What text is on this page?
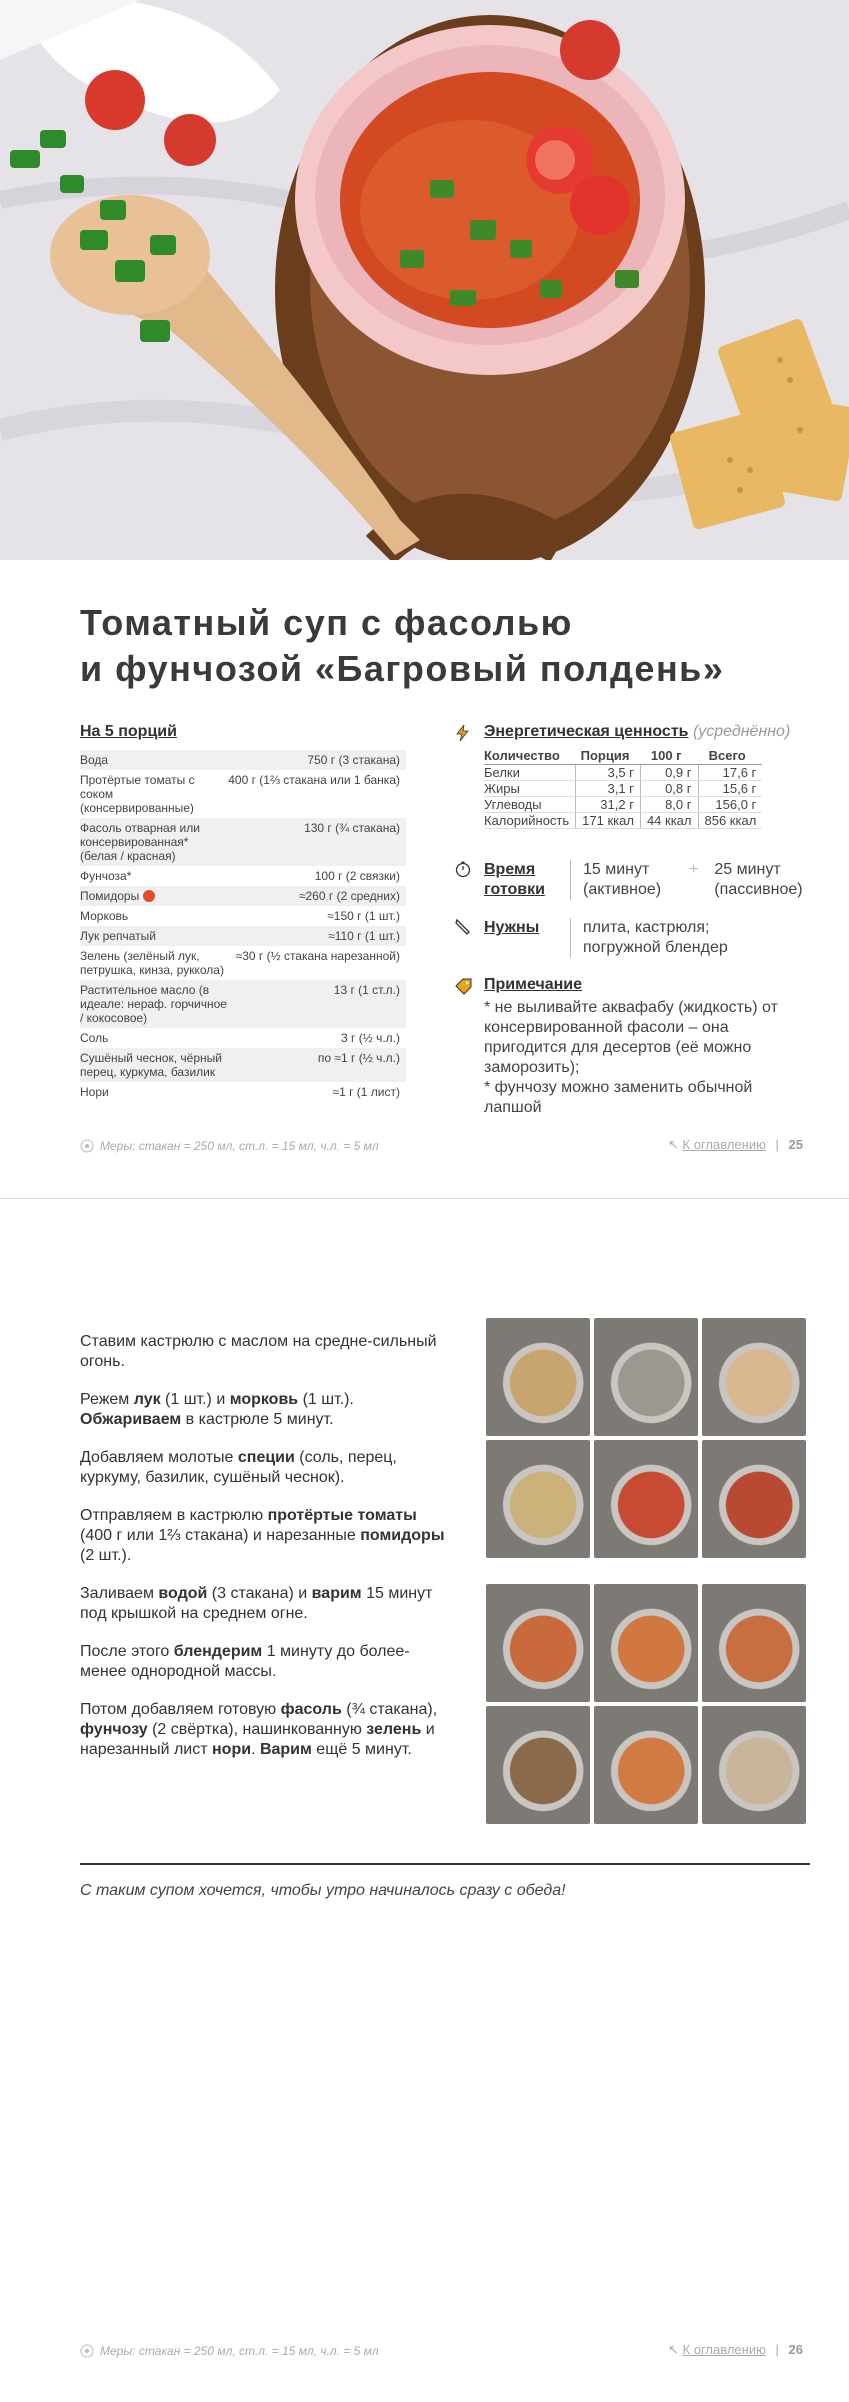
Томатный суп с фасолью
и фунчозой «Багровый полдень»
На 5 порций
Вода	750 г (3 стакана)
Протёртые томаты с соком (консервированные)	400 г (1⅔ стакана или 1 банка)
Фасоль отварная или консервированная* (белая / красная)	130 г (¾ стакана)
Фунчоза*	100 г (2 связки)
Помидоры	≈260 г (2 средних)
Морковь	≈150 г (1 шт.)
Лук репчатый	≈110 г (1 шт.)
Зелень (зелёный лук, петрушка, кинза, руккола)	≈30 г (½ стакана нарезанной)
Растительное масло (в идеале: нераф. горчичное / кокосовое)	13 г (1 ст.л.)
Соль	3 г (½ ч.л.)
Сушёный чеснок, чёрный перец, куркума, базилик	по ≈1 г (½ ч.л.)
Нори	≈1 г (1 лист)
Энергетическая ценность (усреднённо)
Количество	Порция	100 г	Всего
Белки	3,5 г	0,9 г	17,6 г
Жиры	3,1 г	0,8 г	15,6 г
Углеводы	31,2 г	8,0 г	156,0 г
Калорийность	171 ккал	44 ккал	856 ккал
Время готовки
15 минут (активное)
+ 25 минут (пассивное)
Нужны	плита, кастрюля; погружной блендер
Примечание
* не выливайте аквафабу (жидкость) от консервированной фасоли – она пригодится для десертов (её можно заморозить);
* фунчозу можно заменить обычной лапшой
Меры: стакан = 250 мл, ст.л. = 15 мл, ч.л. = 5 мл	↖ К оглавлению | 25

Ставим кастрюлю с маслом на средне-сильный огонь.

Режем лук (1 шт.) и морковь (1 шт.). Обжариваем в кастрюле 5 минут.

Добавляем молотые специи (соль, перец, куркуму, базилик, сушёный чеснок).

Отправляем в кастрюлю протёртые томаты (400 г или 1⅔ стакана) и нарезанные помидоры (2 шт.).

Заливаем водой (3 стакана) и варим 15 минут под крышкой на среднем огне.

После этого блендерим 1 минуту до более-менее однородной массы.

Потом добавляем готовую фасоль (¾ стакана), фунчозу (2 свёртка), нашинкованную зелень и нарезанный лист нори. Варим ещё 5 минут.

С таким супом хочется, чтобы утро начиналось сразу с обеда!
Меры: стакан = 250 мл, ст.л. = 15 мл, ч.л. = 5 мл	↖ К оглавлению | 26
